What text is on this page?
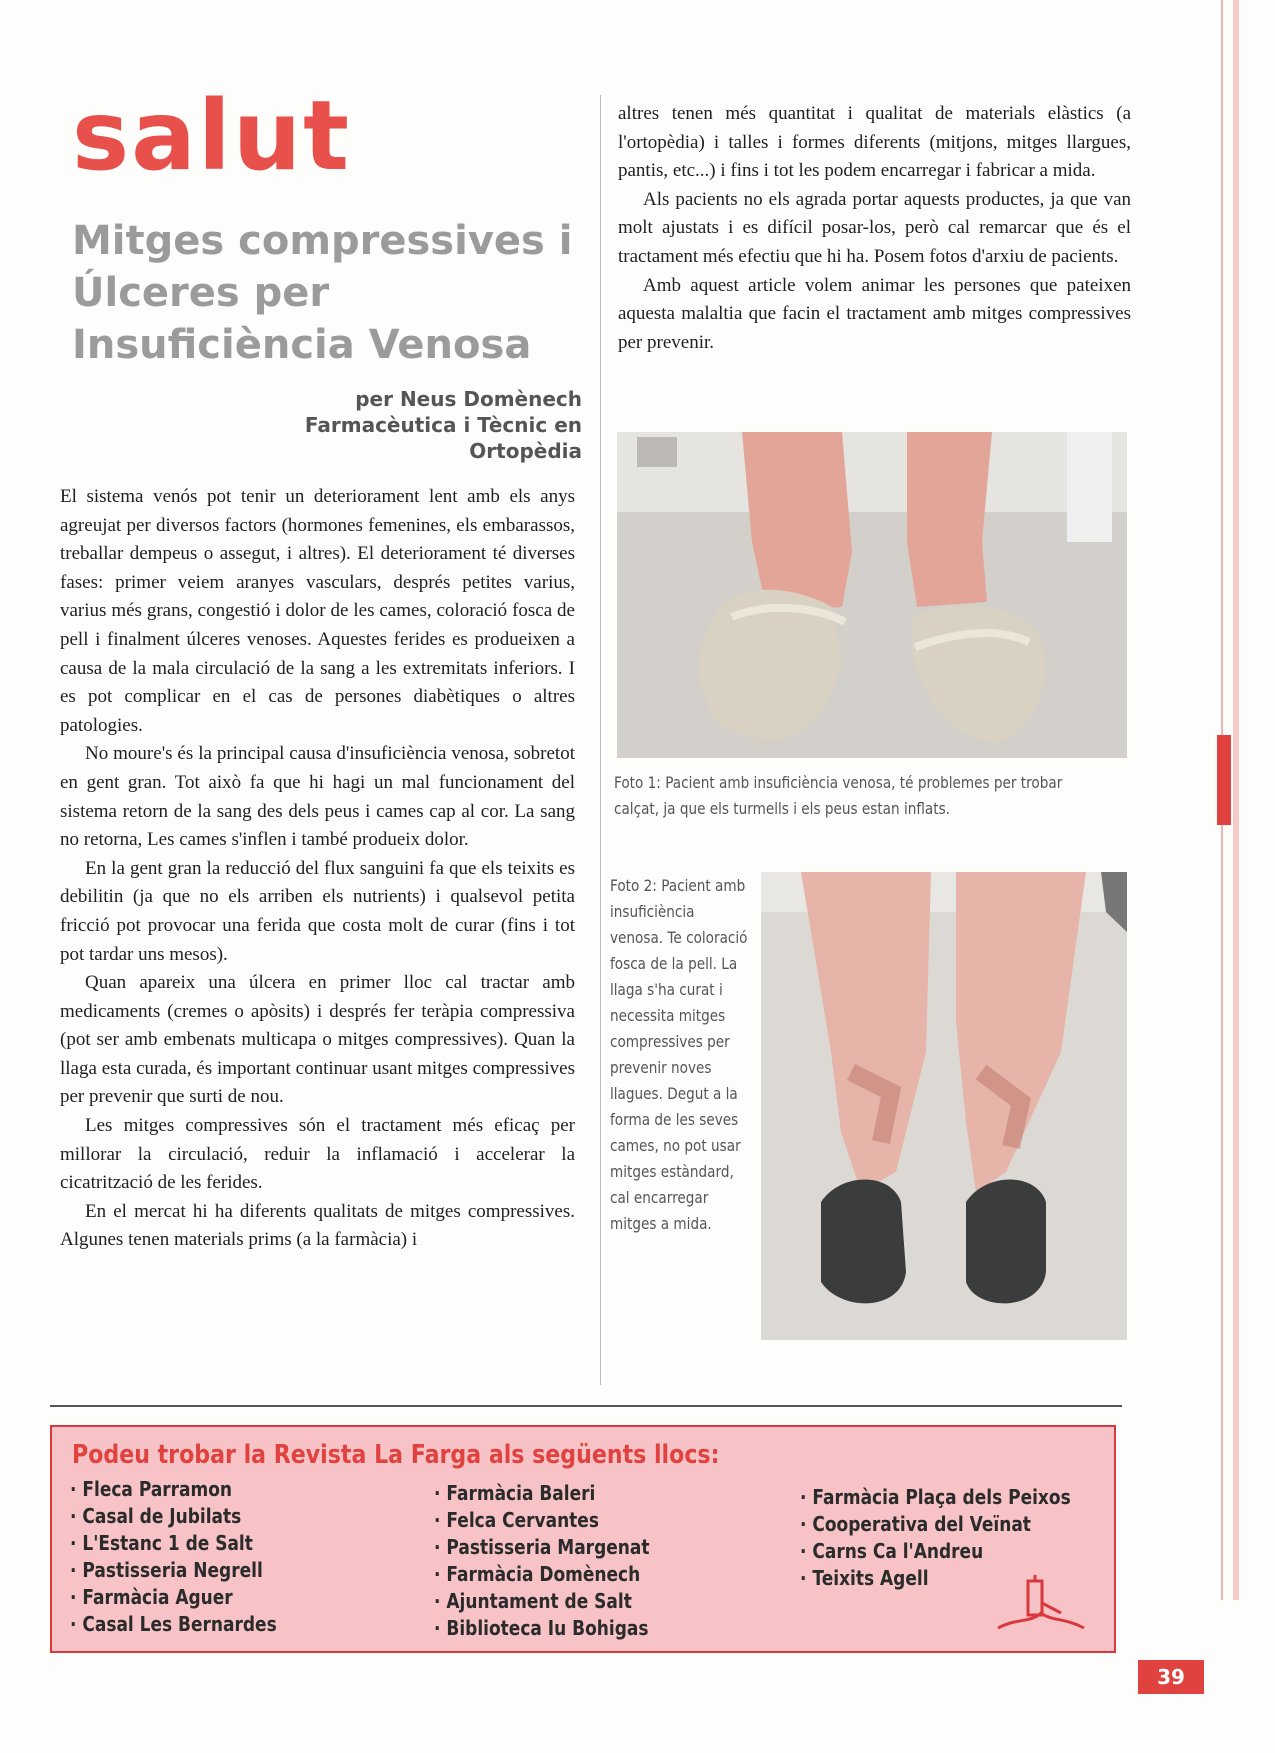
salut
Mitges compressives i Úlceres per Insuficiència Venosa
per Neus Domènech
Farmacèutica i Tècnic en Ortopèdia

El sistema venós pot tenir un deteriorament lent amb els anys agreujat per diversos factors (hormones femenines, els embarassos, treballar dempeus o assegut, i altres). El deteriorament té diverses fases: primer veiem aranyes vasculars, després petites varius, varius més grans, congestió i dolor de les cames, coloració fosca de pell i finalment úlceres venoses. Aquestes ferides es produeixen a causa de la mala circulació de la sang a les extremitats inferiors. I es pot complicar en el cas de persones diabètiques o altres patologies.

No moure's és la principal causa d'insuficiència venosa, sobretot en gent gran. Tot això fa que hi hagi un mal funcionament del sistema retorn de la sang des dels peus i cames cap al cor. La sang no retorna, Les cames s'inflen i també produeix dolor.

En la gent gran la reducció del flux sanguini fa que els teixits es debilitin (ja que no els arriben els nutrients) i qualsevol petita fricció pot provocar una ferida que costa molt de curar (fins i tot pot tardar uns mesos).

Quan apareix una úlcera en primer lloc cal tractar amb medicaments (cremes o apòsits) i després fer teràpia compressiva (pot ser amb embenats multicapa o mitges compressives). Quan la llaga esta curada, és important continuar usant mitges compressives per prevenir que surti de nou.

Les mitges compressives són el tractament més eficaç per millorar la circulació, reduir la inflamació i accelerar la cicatrització de les ferides.

En el mercat hi ha diferents qualitats de mitges compressives. Algunes tenen materials prims (a la farmàcia) i

altres tenen més quantitat i qualitat de materials elàstics (a l'ortopèdia) i talles i formes diferents (mitjons, mitges llargues, pantis, etc...) i fins i tot les podem encarregar i fabricar a mida.

Als pacients no els agrada portar aquests productes, ja que van molt ajustats i es difícil posar-los, però cal remarcar que és el tractament més efectiu que hi ha. Posem fotos d'arxiu de pacients.

Amb aquest article volem animar les persones que pateixen aquesta malaltia que facin el tractament amb mitges compressives per prevenir.

Foto 1: Pacient amb insuficiència venosa, té problemes per trobar calçat, ja que els turmells i els peus estan inflats.
Foto 2: Pacient amb insuficiència venosa. Te coloració fosca de la pell. La llaga s'ha curat i necessita mitges compressives per prevenir noves llagues. Degut a la forma de les seves cames, no pot usar mitges estàndard, cal encarregar mitges a mida.
Podeu trobar la Revista La Farga als següents llocs:
· Fleca Parramon
· Casal de Jubilats
· L'Estanc 1 de Salt
· Pastisseria Negrell
· Farmàcia Aguer
· Casal Les Bernardes
· Farmàcia Baleri
· Felca Cervantes
· Pastisseria Margenat
· Farmàcia Domènech
· Ajuntament de Salt
· Biblioteca Iu Bohigas
· Farmàcia Plaça dels Peixos
· Cooperativa del Veïnat
· Carns Ca l'Andreu
· Teixits Agell
39
